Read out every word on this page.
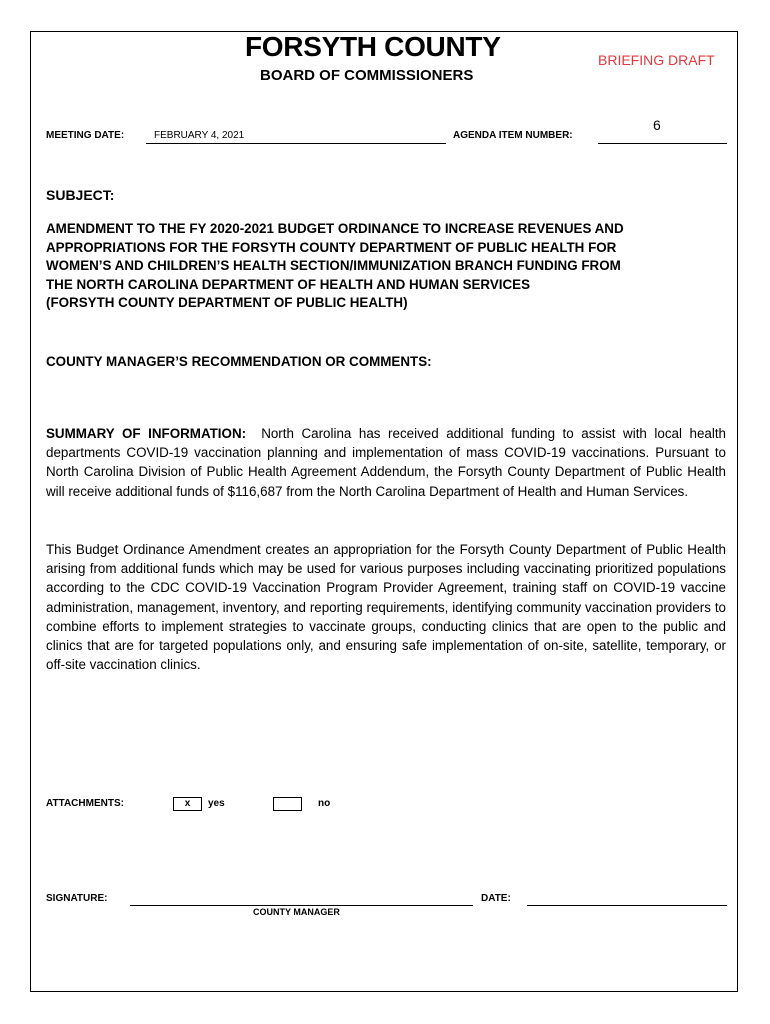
FORSYTH COUNTY
BOARD OF COMMISSIONERS
BRIEFING DRAFT
MEETING DATE:	FEBRUARY 4, 2021	AGENDA ITEM NUMBER:
6
SUBJECT:
AMENDMENT TO THE FY 2020-2021 BUDGET ORDINANCE TO INCREASE REVENUES AND
APPROPRIATIONS FOR THE FORSYTH COUNTY DEPARTMENT OF PUBLIC HEALTH FOR
WOMEN’S AND CHILDREN’S HEALTH SECTION/IMMUNIZATION BRANCH FUNDING FROM
THE NORTH CAROLINA DEPARTMENT OF HEALTH AND HUMAN SERVICES
(FORSYTH COUNTY DEPARTMENT OF PUBLIC HEALTH)
COUNTY MANAGER’S RECOMMENDATION OR COMMENTS:
SUMMARY OF INFORMATION: North Carolina has received additional funding to assist with local health departments COVID-19 vaccination planning and implementation of mass COVID-19 vaccinations. Pursuant to North Carolina Division of Public Health Agreement Addendum, the Forsyth County Department of Public Health will receive additional funds of $116,687 from the North Carolina Department of Health and Human Services.
This Budget Ordinance Amendment creates an appropriation for the Forsyth County Department of Public Health arising from additional funds which may be used for various purposes including vaccinating prioritized populations according to the CDC COVID-19 Vaccination Program Provider Agreement, training staff on COVID-19 vaccine administration, management, inventory, and reporting requirements, identifying community vaccination providers to combine efforts to implement strategies to vaccinate groups, conducting clinics that are open to the public and clinics that are for targeted populations only, and ensuring safe implementation of on-site, satellite, temporary, or off-site vaccination clinics.
ATTACHMENTS:	x	yes	no
SIGNATURE:
COUNTY MANAGER
DATE:
